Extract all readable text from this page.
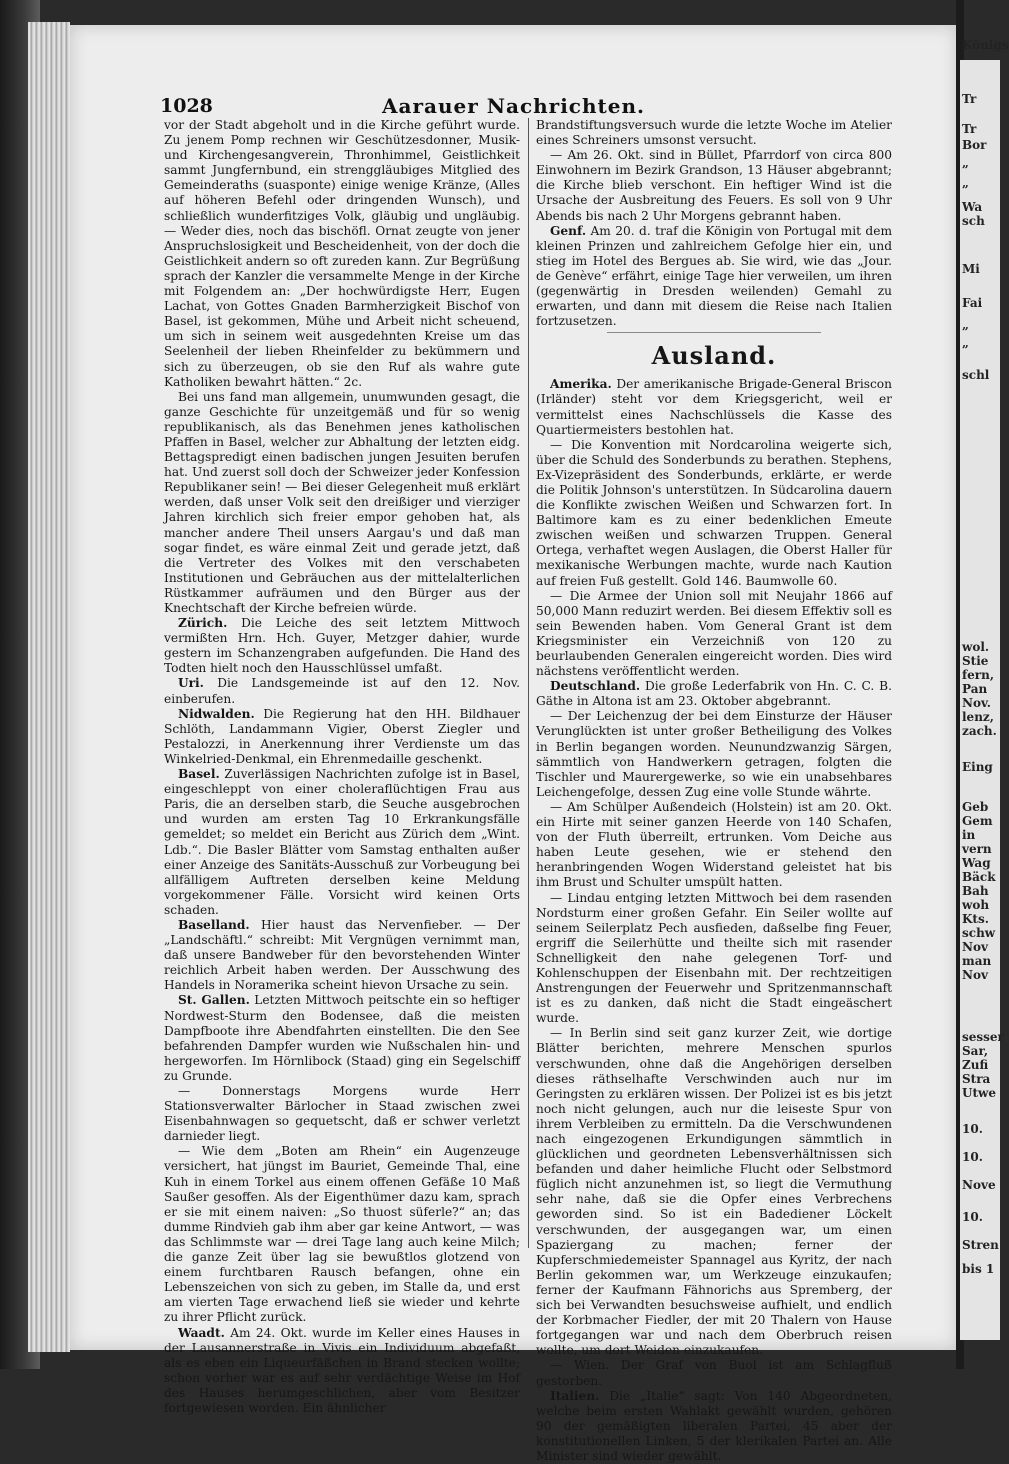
1028	Aarauer Nachrichten.

vor der Stadt abgeholt und in die Kirche geführt wurde. Zu jenem Pomp rechnen wir Geschützesdonner, Musik- und Kirchengesangverein, Thronhimmel, Geistlichkeit sammt Jungfernbund, ein strenggläubiges Mitglied des Gemeinderaths (suasponte) einige wenige Kränze, (Alles auf höheren Befehl oder dringenden Wunsch), und schließlich wunderfitziges Volk, gläubig und ungläubig. — Weder dies, noch das bischöfl. Ornat zeugte von jener Anspruchslosigkeit und Bescheidenheit, von der doch die Geistlichkeit andern so oft zureden kann. Zur Begrüßung sprach der Kanzler die versammelte Menge in der Kirche mit Folgendem an: „Der hochwürdigste Herr, Eugen Lachat, von Gottes Gnaden Barmherzigkeit Bischof von Basel, ist gekommen, Mühe und Arbeit nicht scheuend, um sich in seinem weit ausgedehnten Kreise um das Seelenheil der lieben Rheinfelder zu bekümmern und sich zu überzeugen, ob sie den Ruf als wahre gute Katholiken bewahrt hätten.“ 2c.

Bei uns fand man allgemein, unumwunden gesagt, die ganze Geschichte für unzeitgemäß und für so wenig republikanisch, als das Benehmen jenes katholischen Pfaffen in Basel, welcher zur Abhaltung der letzten eidg. Bettagspredigt einen badischen jungen Jesuiten berufen hat. Und zuerst soll doch der Schweizer jeder Konfession Republikaner sein! — Bei dieser Gelegenheit muß erklärt werden, daß unser Volk seit den dreißiger und vierziger Jahren kirchlich sich freier empor gehoben hat, als mancher andere Theil unsers Aargau's und daß man sogar findet, es wäre einmal Zeit und gerade jetzt, daß die Vertreter des Volkes mit den verschabeten Institutionen und Gebräuchen aus der mittelalterlichen Rüstkammer aufräumen und den Bürger aus der Knechtschaft der Kirche befreien würde.

Zürich. Die Leiche des seit letztem Mittwoch vermißten Hrn. Hch. Guyer, Metzger dahier, wurde gestern im Schanzengraben aufgefunden. Die Hand des Todten hielt noch den Hausschlüssel umfaßt.

Uri. Die Landsgemeinde ist auf den 12. Nov. einberufen.

Nidwalden. Die Regierung hat den HH. Bildhauer Schlöth, Landammann Vigier, Oberst Ziegler und Pestalozzi, in Anerkennung ihrer Verdienste um das Winkelried-Denkmal, ein Ehrenmedaille geschenkt.

Basel. Zuverlässigen Nachrichten zufolge ist in Basel, eingeschleppt von einer choleraflüchtigen Frau aus Paris, die an derselben starb, die Seuche ausgebrochen und wurden am ersten Tag 10 Erkrankungsfälle gemeldet; so meldet ein Bericht aus Zürich dem „Wint. Ldb.“. Die Basler Blätter vom Samstag enthalten außer einer Anzeige des Sanitäts-Ausschuß zur Vorbeugung bei allfälligem Auftreten derselben keine Meldung vorgekommener Fälle. Vorsicht wird keinen Orts schaden.

Baselland. Hier haust das Nervenfieber. — Der „Landschäftl.“ schreibt: Mit Vergnügen vernimmt man, daß unsere Bandweber für den bevorstehenden Winter reichlich Arbeit haben werden. Der Ausschwung des Handels in Noramerika scheint hievon Ursache zu sein.

St. Gallen. Letzten Mittwoch peitschte ein so heftiger Nordwest-Sturm den Bodensee, daß die meisten Dampfboote ihre Abendfahrten einstellten. Die den See befahrenden Dampfer wurden wie Nußschalen hin- und hergeworfen. Im Hörnlibock (Staad) ging ein Segelschiff zu Grunde.

— Donnerstags Morgens wurde Herr Stationsverwalter Bärlocher in Staad zwischen zwei Eisenbahnwagen so gequetscht, daß er schwer verletzt darnieder liegt.

— Wie dem „Boten am Rhein“ ein Augenzeuge versichert, hat jüngst im Bauriet, Gemeinde Thal, eine Kuh in einem Torkel aus einem offenen Gefäße 10 Maß Saußer gesoffen. Als der Eigenthümer dazu kam, sprach er sie mit einem naiven: „So thuost süferle?“ an; das dumme Rindvieh gab ihm aber gar keine Antwort, — was das Schlimmste war — drei Tage lang auch keine Milch; die ganze Zeit über lag sie bewußtlos glotzend von einem furchtbaren Rausch befangen, ohne ein Lebenszeichen von sich zu geben, im Stalle da, und erst am vierten Tage erwachend ließ sie wieder und kehrte zu ihrer Pflicht zurück.

Waadt. Am 24. Okt. wurde im Keller eines Hauses in der Lausannerstraße in Vivis ein Individuum abgefaßt, als es eben ein Liqueurfäßchen in Brand stecken wollte; schon vorher war es auf sehr verdächtige Weise im Hof des Hauses herumgeschlichen, aber vom Besitzer fortgewiesen worden. Ein ähnlicher

Brandstiftungsversuch wurde die letzte Woche im Atelier eines Schreiners umsonst versucht.

— Am 26. Okt. sind in Büllet, Pfarrdorf von circa 800 Einwohnern im Bezirk Grandson, 13 Häuser abgebrannt; die Kirche blieb verschont. Ein heftiger Wind ist die Ursache der Ausbreitung des Feuers. Es soll von 9 Uhr Abends bis nach 2 Uhr Morgens gebrannt haben.

Genf. Am 20. d. traf die Königin von Portugal mit dem kleinen Prinzen und zahlreichem Gefolge hier ein, und stieg im Hotel des Bergues ab. Sie wird, wie das „Jour. de Genève“ erfährt, einige Tage hier verweilen, um ihren (gegenwärtig in Dresden weilenden) Gemahl zu erwarten, und dann mit diesem die Reise nach Italien fortzusetzen.

Ausland.

Amerika. Der amerikanische Brigade-General Briscon (Irländer) steht vor dem Kriegsgericht, weil er vermittelst eines Nachschlüssels die Kasse des Quartiermeisters bestohlen hat.

— Die Konvention mit Nordcarolina weigerte sich, über die Schuld des Sonderbunds zu berathen. Stephens, Ex-Vizepräsident des Sonderbunds, erklärte, er werde die Politik Johnson's unterstützen. In Südcarolina dauern die Konflikte zwischen Weißen und Schwarzen fort. In Baltimore kam es zu einer bedenklichen Emeute zwischen weißen und schwarzen Truppen. General Ortega, verhaftet wegen Auslagen, die Oberst Haller für mexikanische Werbungen machte, wurde nach Kaution auf freien Fuß gestellt. Gold 146. Baumwolle 60.

— Die Armee der Union soll mit Neujahr 1866 auf 50,000 Mann reduzirt werden. Bei diesem Effektiv soll es sein Bewenden haben. Vom General Grant ist dem Kriegsminister ein Verzeichniß von 120 zu beurlaubenden Generalen eingereicht worden. Dies wird nächstens veröffentlicht werden.

Deutschland. Die große Lederfabrik von Hn. C. C. B. Gäthe in Altona ist am 23. Oktober abgebrannt.

— Der Leichenzug der bei dem Einsturze der Häuser Verunglückten ist unter großer Betheiligung des Volkes in Berlin begangen worden. Neunundzwanzig Särgen, sämmtlich von Handwerkern getragen, folgten die Tischler und Maurergewerke, so wie ein unabsehbares Leichengefolge, dessen Zug eine volle Stunde währte.

— Am Schülper Außendeich (Holstein) ist am 20. Okt. ein Hirte mit seiner ganzen Heerde von 140 Schafen, von der Fluth überreilt, ertrunken. Vom Deiche aus haben Leute gesehen, wie er stehend den heranbringenden Wogen Widerstand geleistet hat bis ihm Brust und Schulter umspült hatten.

— Lindau entging letzten Mittwoch bei dem rasenden Nordsturm einer großen Gefahr. Ein Seiler wollte auf seinem Seilerplatz Pech ausfieden, daßselbe fing Feuer, ergriff die Seilerhütte und theilte sich mit rasender Schnelligkeit den nahe gelegenen Torf- und Kohlenschuppen der Eisenbahn mit. Der rechtzeitigen Anstrengungen der Feuerwehr und Spritzenmannschaft ist es zu danken, daß nicht die Stadt eingeäschert wurde.

— In Berlin sind seit ganz kurzer Zeit, wie dortige Blätter berichten, mehrere Menschen spurlos verschwunden, ohne daß die Angehörigen derselben dieses räthselhafte Verschwinden auch nur im Geringsten zu erklären wissen. Der Polizei ist es bis jetzt noch nicht gelungen, auch nur die leiseste Spur von ihrem Verbleiben zu ermitteln. Da die Verschwundenen nach eingezogenen Erkundigungen sämmtlich in glücklichen und geordneten Lebensverhältnissen sich befanden und daher heimliche Flucht oder Selbstmord füglich nicht anzunehmen ist, so liegt die Vermuthung sehr nahe, daß sie die Opfer eines Verbrechens geworden sind. So ist ein Badediener Löckelt verschwunden, der ausgegangen war, um einen Spaziergang zu machen; ferner der Kupferschmiedemeister Spannagel aus Kyritz, der nach Berlin gekommen war, um Werkzeuge einzukaufen; ferner der Kaufmann Fähnorichs aus Spremberg, der sich bei Verwandten besuchsweise aufhielt, und endlich der Korbmacher Fiedler, der mit 20 Thalern von Hause fortgegangen war und nach dem Oberbruch reisen wollte, um dort Weiden einzukaufen.

— Wien. Der Graf von Buol ist am Schlagfluß gestorben.

Italien. Die „Italie“ sagt: Von 140 Abgeordneten, welche beim ersten Wahlakt gewählt wurden, gehören 90 der gemäßigten liberalen Partei, 45 aber der konstitutionellen Linken, 5 der klerikalen Partei an. Alle Minister sind wieder gewählt.

Königs
Tr
Tr
Bor
„
„
Wa
sch
Mi
Fai
„
„
schl
wol.
Stie
fern,
Pan
Nov.
lenz,
zach.
Eing
Geb
Gem
in
vern
Wag
Bäck
Bah
woh
Kts.
schw
Nov
man
Nov
sesser
Sar,
Zufi
Stra
Utwe
10.
10.
Nove
10.
Stren
bis 1
